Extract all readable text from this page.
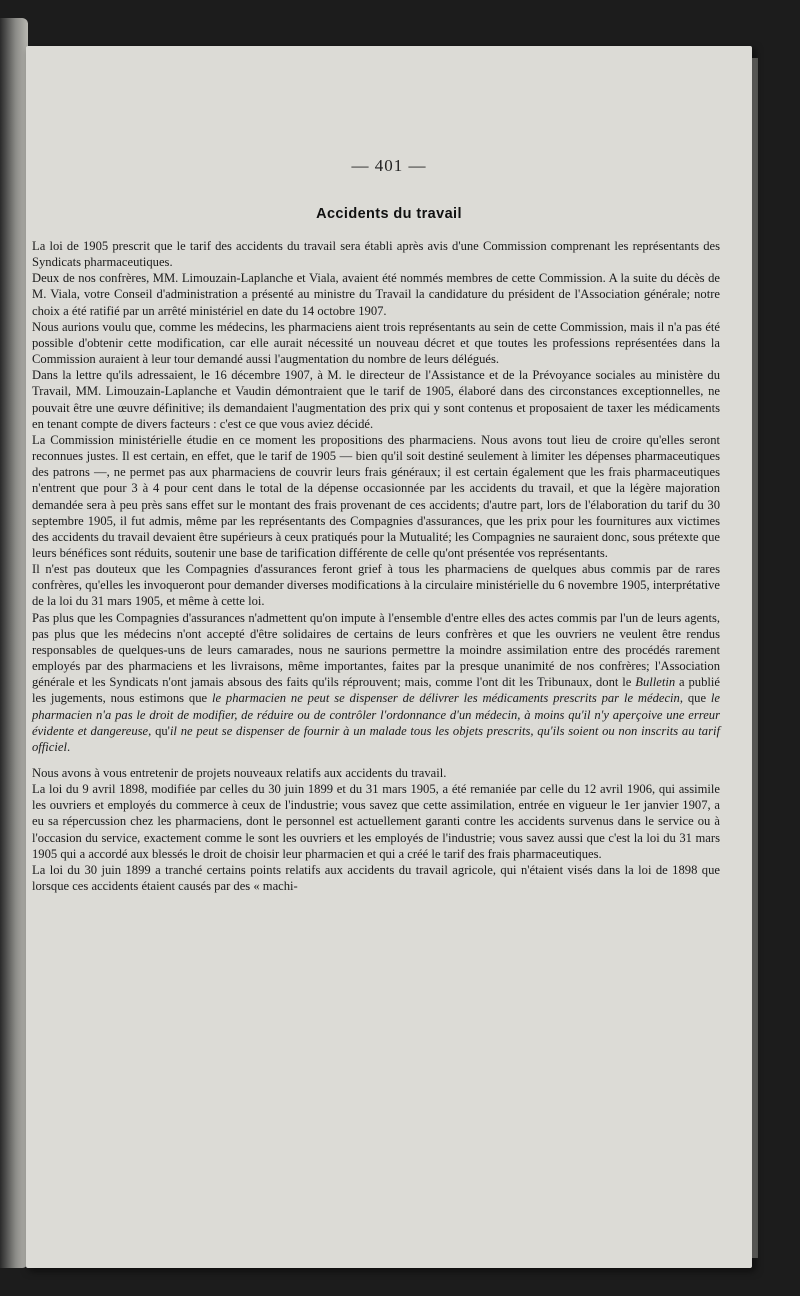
— 401 —
Accidents du travail

La loi de 1905 prescrit que le tarif des accidents du travail sera établi après avis d'une Commission comprenant les représentants des Syndicats pharmaceutiques.

Deux de nos confrères, MM. Limouzain-Laplanche et Viala, avaient été nommés membres de cette Commission. A la suite du décès de M. Viala, votre Conseil d'administration a présenté au ministre du Travail la candidature du président de l'Association générale; notre choix a été ratifié par un arrêté ministériel en date du 14 octobre 1907.

Nous aurions voulu que, comme les médecins, les pharmaciens aient trois représentants au sein de cette Commission, mais il n'a pas été possible d'obtenir cette modification, car elle aurait nécessité un nouveau décret et que toutes les professions représentées dans la Commission auraient à leur tour demandé aussi l'augmentation du nombre de leurs délégués.

Dans la lettre qu'ils adressaient, le 16 décembre 1907, à M. le directeur de l'Assistance et de la Prévoyance sociales au ministère du Travail, MM. Limouzain-Laplanche et Vaudin démontraient que le tarif de 1905, élaboré dans des circonstances exceptionnelles, ne pouvait être une œuvre définitive; ils demandaient l'augmentation des prix qui y sont contenus et proposaient de taxer les médicaments en tenant compte de divers facteurs : c'est ce que vous aviez décidé.

La Commission ministérielle étudie en ce moment les propositions des pharmaciens. Nous avons tout lieu de croire qu'elles seront reconnues justes. Il est certain, en effet, que le tarif de 1905 — bien qu'il soit destiné seulement à limiter les dépenses pharmaceutiques des patrons —, ne permet pas aux pharmaciens de couvrir leurs frais généraux; il est certain également que les frais pharmaceutiques n'entrent que pour 3 à 4 pour cent dans le total de la dépense occasionnée par les accidents du travail, et que la légère majoration demandée sera à peu près sans effet sur le montant des frais provenant de ces accidents; d'autre part, lors de l'élaboration du tarif du 30 septembre 1905, il fut admis, même par les représentants des Compagnies d'assurances, que les prix pour les fournitures aux victimes des accidents du travail devaient être supérieurs à ceux pratiqués pour la Mutualité; les Compagnies ne sauraient donc, sous prétexte que leurs bénéfices sont réduits, soutenir une base de tarification différente de celle qu'ont présentée vos représentants.

Il n'est pas douteux que les Compagnies d'assurances feront grief à tous les pharmaciens de quelques abus commis par de rares confrères, qu'elles les invoqueront pour demander diverses modifications à la circulaire ministérielle du 6 novembre 1905, interprétative de la loi du 31 mars 1905, et même à cette loi.

Pas plus que les Compagnies d'assurances n'admettent qu'on impute à l'ensemble d'entre elles des actes commis par l'un de leurs agents, pas plus que les médecins n'ont accepté d'être solidaires de certains de leurs confrères et que les ouvriers ne veulent être rendus responsables de quelques-uns de leurs camarades, nous ne saurions permettre la moindre assimilation entre des procédés rarement employés par des pharmaciens et les livraisons, même importantes, faites par la presque unanimité de nos confrères; l'Association générale et les Syndicats n'ont jamais absous des faits qu'ils réprouvent; mais, comme l'ont dit les Tribunaux, dont le Bulletin a publié les jugements, nous estimons que le pharmacien ne peut se dispenser de délivrer les médicaments prescrits par le médecin, que le pharmacien n'a pas le droit de modifier, de réduire ou de contrôler l'ordonnance d'un médecin, à moins qu'il n'y aperçoive une erreur évidente et dangereuse, qu'il ne peut se dispenser de fournir à un malade tous les objets prescrits, qu'ils soient ou non inscrits au tarif officiel.

Nous avons à vous entretenir de projets nouveaux relatifs aux accidents du travail.

La loi du 9 avril 1898, modifiée par celles du 30 juin 1899 et du 31 mars 1905, a été remaniée par celle du 12 avril 1906, qui assimile les ouvriers et employés du commerce à ceux de l'industrie; vous savez que cette assimilation, entrée en vigueur le 1er janvier 1907, a eu sa répercussion chez les pharmaciens, dont le personnel est actuellement garanti contre les accidents survenus dans le service ou à l'occasion du service, exactement comme le sont les ouvriers et les employés de l'industrie; vous savez aussi que c'est la loi du 31 mars 1905 qui a accordé aux blessés le droit de choisir leur pharmacien et qui a créé le tarif des frais pharmaceutiques.

La loi du 30 juin 1899 a tranché certains points relatifs aux accidents du travail agricole, qui n'étaient visés dans la loi de 1898 que lorsque ces accidents étaient causés par des « machi-
